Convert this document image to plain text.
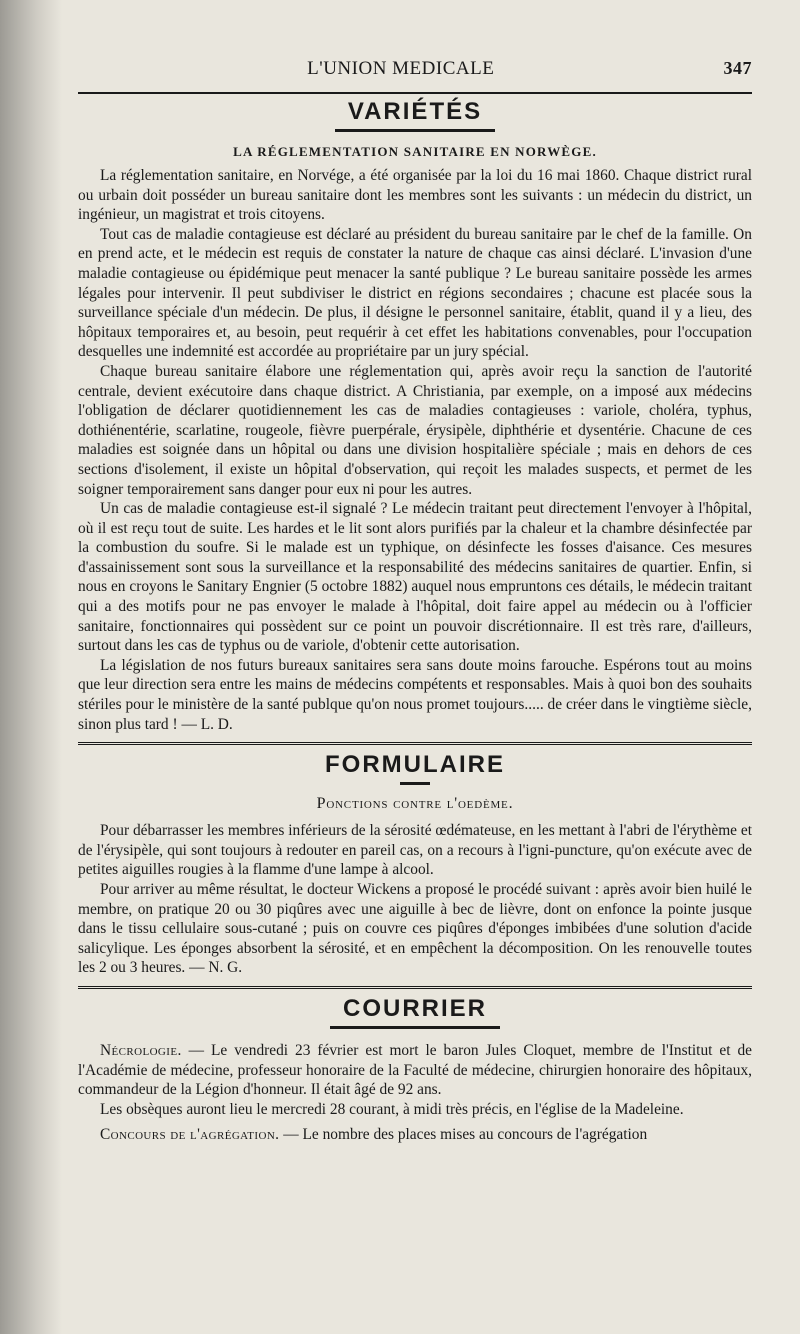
L'UNION MEDICALE	347
VARIÉTÉS
LA RÉGLEMENTATION SANITAIRE EN NORWÈGE.

La réglementation sanitaire, en Norvége, a été organisée par la loi du 16 mai 1860. Chaque district rural ou urbain doit posséder un bureau sanitaire dont les membres sont les suivants : un médecin du district, un ingénieur, un magistrat et trois citoyens.

Tout cas de maladie contagieuse est déclaré au président du bureau sanitaire par le chef de la famille. On en prend acte, et le médecin est requis de constater la nature de chaque cas ainsi déclaré. L'invasion d'une maladie contagieuse ou épidémique peut menacer la santé publique ? Le bureau sanitaire possède les armes légales pour intervenir. Il peut subdiviser le district en régions secondaires ; chacune est placée sous la surveillance spéciale d'un médecin. De plus, il désigne le personnel sanitaire, établit, quand il y a lieu, des hôpitaux temporaires et, au besoin, peut requérir à cet effet les habitations convenables, pour l'occupation desquelles une indemnité est accordée au propriétaire par un jury spécial.

Chaque bureau sanitaire élabore une réglementation qui, après avoir reçu la sanction de l'autorité centrale, devient exécutoire dans chaque district. A Christiania, par exemple, on a imposé aux médecins l'obligation de déclarer quotidiennement les cas de maladies contagieuses : variole, choléra, typhus, dothiénentérie, scarlatine, rougeole, fièvre puerpérale, érysipèle, diphthérie et dysentérie. Chacune de ces maladies est soignée dans un hôpital ou dans une division hospitalière spéciale ; mais en dehors de ces sections d'isolement, il existe un hôpital d'observation, qui reçoit les malades suspects, et permet de les soigner temporairement sans danger pour eux ni pour les autres.

Un cas de maladie contagieuse est-il signalé ? Le médecin traitant peut directement l'envoyer à l'hôpital, où il est reçu tout de suite. Les hardes et le lit sont alors purifiés par la chaleur et la chambre désinfectée par la combustion du soufre. Si le malade est un typhique, on désinfecte les fosses d'aisance. Ces mesures d'assainissement sont sous la surveillance et la responsabilité des médecins sanitaires de quartier. Enfin, si nous en croyons le Sanitary Engnier (5 octobre 1882) auquel nous empruntons ces détails, le médecin traitant qui a des motifs pour ne pas envoyer le malade à l'hôpital, doit faire appel au médecin ou à l'officier sanitaire, fonctionnaires qui possèdent sur ce point un pouvoir discrétionnaire. Il est très rare, d'ailleurs, surtout dans les cas de typhus ou de variole, d'obtenir cette autorisation.

La législation de nos futurs bureaux sanitaires sera sans doute moins farouche. Espérons tout au moins que leur direction sera entre les mains de médecins compétents et responsables. Mais à quoi bon des souhaits stériles pour le ministère de la santé publque qu'on nous promet toujours..... de créer dans le vingtième siècle, sinon plus tard ! — L. D.

FORMULAIRE
Ponctions contre l'oedème.

Pour débarrasser les membres inférieurs de la sérosité œdémateuse, en les mettant à l'abri de l'érythème et de l'érysipèle, qui sont toujours à redouter en pareil cas, on a recours à l'igni-puncture, qu'on exécute avec de petites aiguilles rougies à la flamme d'une lampe à alcool.

Pour arriver au même résultat, le docteur Wickens a proposé le procédé suivant : après avoir bien huilé le membre, on pratique 20 ou 30 piqûres avec une aiguille à bec de lièvre, dont on enfonce la pointe jusque dans le tissu cellulaire sous-cutané ; puis on couvre ces piqûres d'éponges imbibées d'une solution d'acide salicylique. Les éponges absorbent la sérosité, et en empêchent la décomposition. On les renouvelle toutes les 2 ou 3 heures. — N. G.

COURRIER

Nécrologie. — Le vendredi 23 février est mort le baron Jules Cloquet, membre de l'Institut et de l'Académie de médecine, professeur honoraire de la Faculté de médecine, chirurgien honoraire des hôpitaux, commandeur de la Légion d'honneur. Il était âgé de 92 ans.

Les obsèques auront lieu le mercredi 28 courant, à midi très précis, en l'église de la Madeleine.

Concours de l'agrégation. — Le nombre des places mises au concours de l'agrégation
